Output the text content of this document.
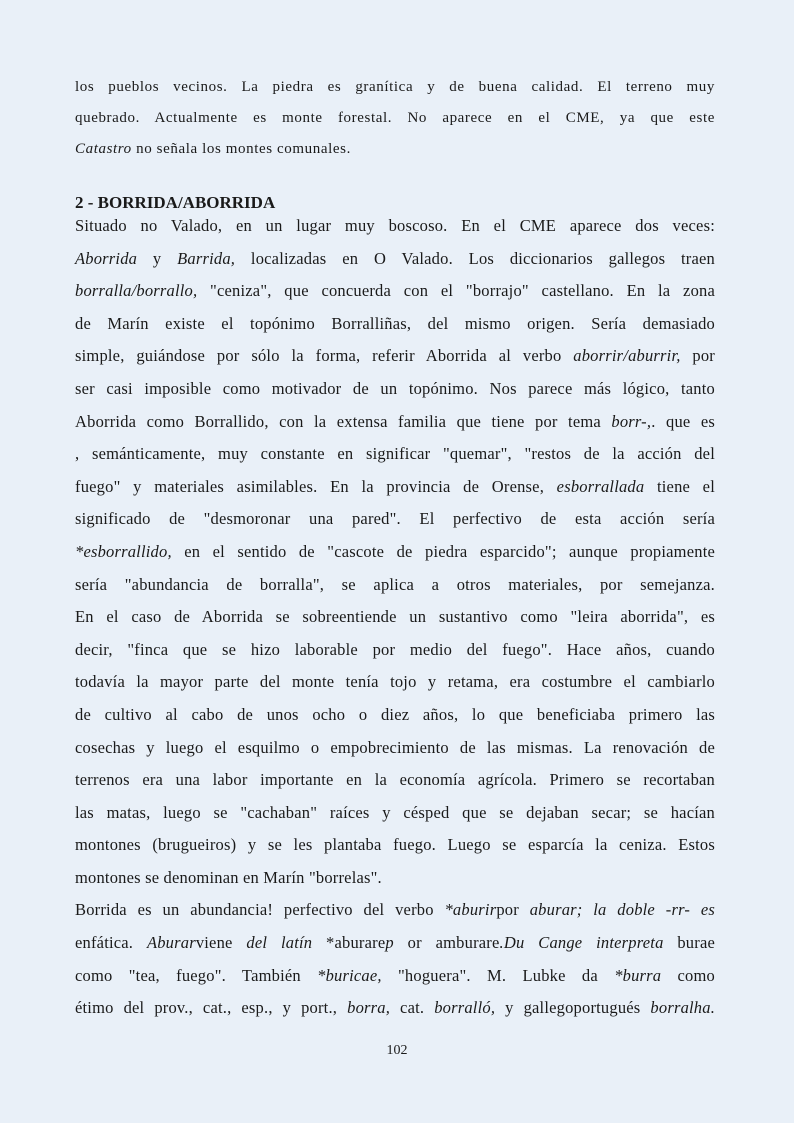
los pueblos vecinos. La piedra es granítica y de buena calidad. El terreno muy
quebrado. Actualmente es monte forestal. No aparece en el CME, ya que este
Catastro no señala los montes comunales.
2 - BORRIDA/ABORRIDA
Situado no Valado, en un lugar muy boscoso. En el CME aparece dos veces:
Aborrida y Barrida, localizadas en O Valado. Los diccionarios gallegos traen
borralla/borrallo, "ceniza", que concuerda con el "borrajo" castellano. En la zona
de Marín existe el topónimo Borralliñas, del mismo origen. Sería demasiado
simple, guiándose por sólo la forma, referir Aborrida al verbo aborrir/aburrir, por
ser casi imposible como motivador de un topónimo. Nos parece más lógico, tanto
Aborrida como Borrallido, con la extensa familia que tiene por tema borr-,. que es
, semánticamente, muy constante en significar "quemar", "restos de la acción del
fuego" y materiales asimilables. En la provincia de Orense, esborrallada tiene el
significado de "desmoronar una pared". El perfectivo de esta acción sería
*esborrallido, en el sentido de "cascote de piedra esparcido"; aunque propiamente
sería "abundancia de borralla", se aplica a otros materiales, por semejanza.
En el caso de Aborrida se sobreentiende un sustantivo como "leira aborrida", es
decir, "finca que se hizo laborable por medio del fuego". Hace años, cuando
todavía la mayor parte del monte tenía tojo y retama, era costumbre el cambiarlo
de cultivo al cabo de unos ocho o diez años, lo que beneficiaba primero las
cosechas y luego el esquilmo o empobrecimiento de las mismas. La renovación de
terrenos era una labor importante en la economía agrícola. Primero se recortaban
las matas, luego se "cachaban" raíces y césped que se dejaban secar; se hacían
montones (brugueiros) y se les plantaba fuego. Luego se esparcía la ceniza. Estos
montones se denominan en Marín "borrelas".
Borrida es un abundancia! perfectivo del verbo *aburirpor aburar; la doble -rr- es
enfática. Aburarviene del latín *aburarep or amburare.Du Cange interpreta burae
como "tea, fuego". También *buricae, "hoguera". M. Lubke da *burra como
étimo del prov., cat., esp., y port., borra, cat. borralló, y gallegoportugués borralha.
102
